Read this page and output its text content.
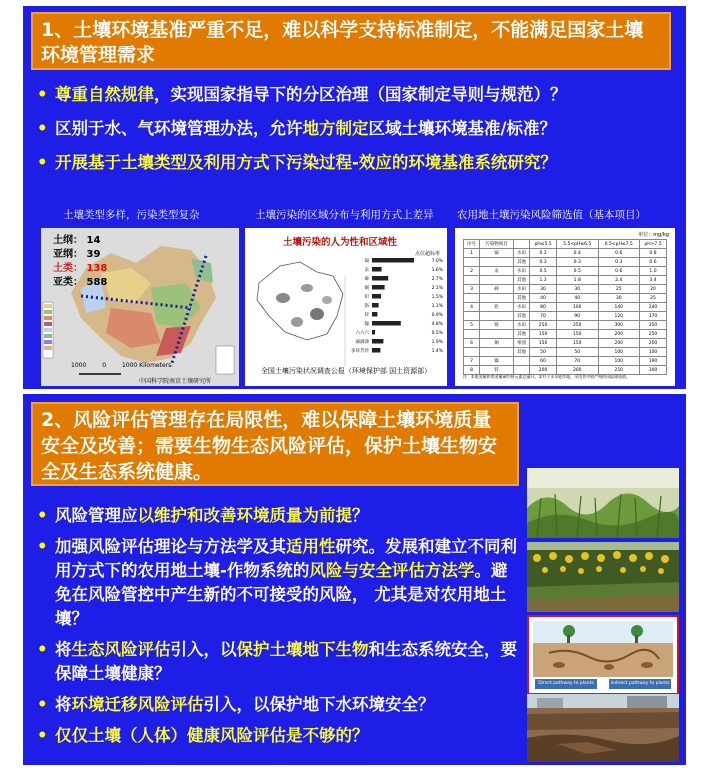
1、土壤环境基准严重不足，难以科学支持标准制定，不能满足国家土壤环境管理需求
• 尊重自然规律，实现国家指导下的分区治理（国家制定导则与规范）？
• 区别于水、气环境管理办法，允许地方制定区域土壤环境基准/标准？
• 开展基于土壤类型及利用方式下污染过程-效应的环境基准系统研究？
土壤类型多样，污染类型复杂	土壤污染的区域分布与利用方式上差异 农用地土壤污染风险筛选值（基本项目）
土纲： 14
亚纲： 39
土类： 138
亚类： 588
1000	0	1000 Kilometers
中国科学院南京土壤研究所
土壤污染的人为性和区域性
镉	7.0%
汞	1.6%
砷	2.7%
铜	2.1%
铅	1.5%
铬	1.1%
锌	0.9%
镍	4.8%
六六六	0.5%
滴滴涕	1.9%
多环芳烃	1.4%
点位超标率
全国土壤污染状况调查公报（环境保护部 国土资源部）
单位：mg/kg
序号	污染物项目		pH≤5.5	5.5<pH≤6.5	6.5<pH≤7.5	pH>7.5
1	镉	水田	0.3	0.4	0.6	0.8
		其他	0.3	0.3	0.3	0.6
2	汞	水田	0.5	0.5	0.6	1.0
		其他	1.3	1.8	2.4	3.4
3	砷	水田	30	30	25	20
		其他	40	40	30	25
4	铅	水田	80	100	140	240
		其他	70	90	120	170
5	铬	水田	250	250	300	350
		其他	150	150	200	250
6	铜	果园	150	150	200	200
		其他	50	50	100	100
7	镍		60	70	100	190
8	锌		200	200	250	300
注：①重金属和类金属砷均按元素总量计。②对于水旱轮作地，采用其中较严格的风险筛选值。
2、风险评估管理存在局限性，难以保障土壤环境质量安全及改善；需要生物生态风险评估，保护土壤生物安全及生态系统健康。
• 风险管理应以维护和改善环境质量为前提？
• 加强风险评估理论与方法学及其适用性研究。发展和建立不同利用方式下的农用地土壤-作物系统的风险与安全评估方法学。避免在风险管控中产生新的不可接受的风险， 尤其是对农用地土壤？
• 将生态风险评估引入，以保护土壤地下生物和生态系统安全，要保障土壤健康？
• 将环境迁移风险评估引入，以保护地下水环境安全？
• 仅仅土壤（人体）健康风险评估是不够的？
Direct pathway to plants	Indirect pathway to plants
